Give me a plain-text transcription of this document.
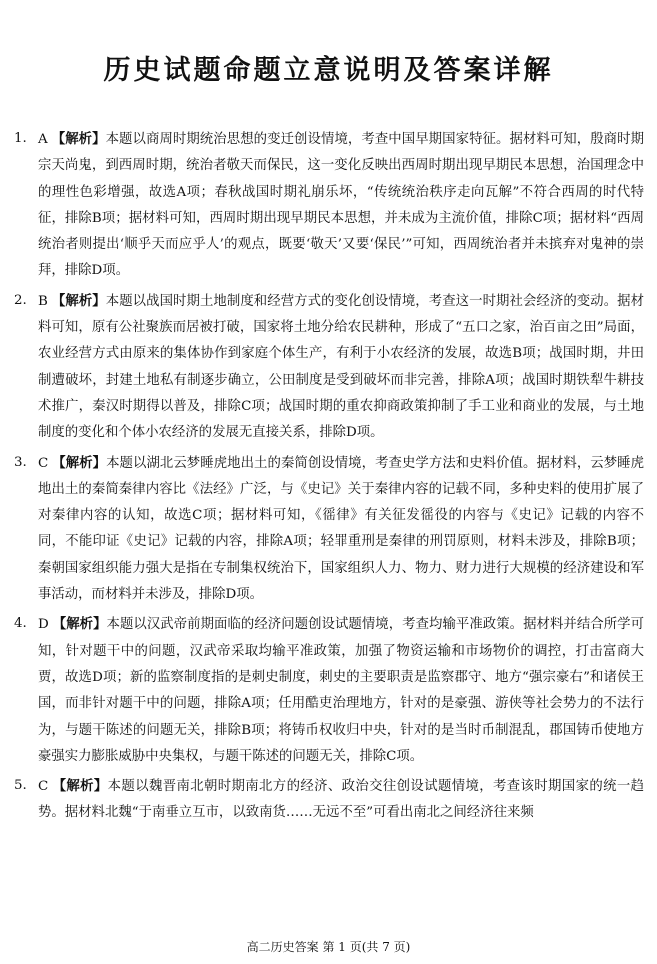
历史试题命题立意说明及答案详解
1. A 【解析】本题以商周时期统治思想的变迁创设情境，考查中国早期国家特征。据材料可知，殷商时期宗天尚鬼，到西周时期，统治者敬天而保民，这一变化反映出西周时期出现早期民本思想，治国理念中的理性色彩增强，故选A项；春秋战国时期礼崩乐坏，“传统统治秩序走向瓦解”不符合西周的时代特征，排除B项；据材料可知，西周时期出现早期民本思想，并未成为主流价值，排除C项；据材料“西周统治者则提出‘顺乎天而应乎人’的观点，既要‘敬天’又要‘保民’”可知，西周统治者并未摈弃对鬼神的崇拜，排除D项。
2. B 【解析】本题以战国时期土地制度和经营方式的变化创设情境，考查这一时期社会经济的变动。据材料可知，原有公社聚族而居被打破，国家将土地分给农民耕种，形成了“五口之家，治百亩之田”局面，农业经营方式由原来的集体协作到家庭个体生产，有利于小农经济的发展，故选B项；战国时期，井田制遭破坏，封建土地私有制逐步确立，公田制度是受到破坏而非完善，排除A项；战国时期铁犁牛耕技术推广，秦汉时期得以普及，排除C项；战国时期的重农抑商政策抑制了手工业和商业的发展，与土地制度的变化和个体小农经济的发展无直接关系，排除D项。
3. C 【解析】本题以湖北云梦睡虎地出土的秦简创设情境，考查史学方法和史料价值。据材料，云梦睡虎地出土的秦简秦律内容比《法经》广泛，与《史记》关于秦律内容的记载不同，多种史料的使用扩展了对秦律内容的认知，故选C项；据材料可知，《徭律》有关征发徭役的内容与《史记》记载的内容不同，不能印证《史记》记载的内容，排除A项；轻罪重刑是秦律的刑罚原则，材料未涉及，排除B项；秦朝国家组织能力强大是指在专制集权统治下，国家组织人力、物力、财力进行大规模的经济建设和军事活动，而材料并未涉及，排除D项。
4. D 【解析】本题以汉武帝前期面临的经济问题创设试题情境，考查均输平准政策。据材料并结合所学可知，针对题干中的问题，汉武帝采取均输平准政策，加强了物资运输和市场物价的调控，打击富商大贾，故选D项；新的监察制度指的是刺史制度，刺史的主要职责是监察郡守、地方“强宗豪右”和诸侯王国，而非针对题干中的问题，排除A项；任用酷吏治理地方，针对的是豪强、游侠等社会势力的不法行为，与题干陈述的问题无关，排除B项；将铸币权收归中央，针对的是当时币制混乱，郡国铸币使地方豪强实力膨胀威胁中央集权，与题干陈述的问题无关，排除C项。
5. C 【解析】本题以魏晋南北朝时期南北方的经济、政治交往创设试题情境，考查该时期国家的统一趋势。据材料北魏“于南垂立互市，以致南货……无远不至”可看出南北之间经济往来频
高二历史答案 第 1 页(共 7 页)
